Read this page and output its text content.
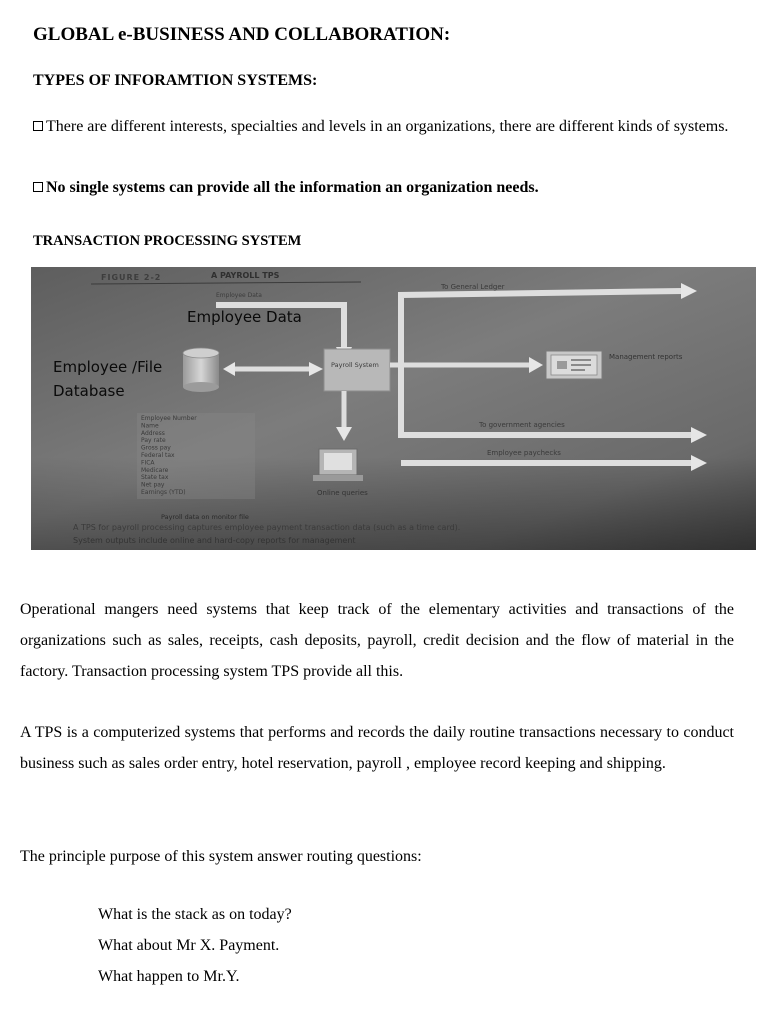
GLOBAL e-BUSINESS AND COLLABORATION:
TYPES OF INFORAMTION SYSTEMS:
There are different interests, specialties and levels in an organizations, there are different kinds of systems.
No single systems can provide all the information an organization needs.
TRANSACTION PROCESSING SYSTEM
FIGURE 2-2	A PAYROLL TPS
To General Ledger
Employee Data
Employee Data
Employee /File
Database
Payroll System
Management reports
To government agencies
Employee paychecks
Online queries
Employee Number
Name
Address
Pay rate
Gross pay
Federal tax
FICA
Medicare
State tax
Net pay
Earnings (YTD)
Payroll data on monitor file
A TPS for payroll processing captures employee payment transaction data (such as a time card).
System outputs include online and hard-copy reports for management
Operational mangers need systems that keep track of the elementary activities and transactions of the organizations such as sales, receipts, cash deposits, payroll, credit decision and the flow of material in the factory. Transaction processing system TPS provide all this.
A TPS is a computerized systems that performs and records the daily routine transactions necessary to conduct business such as sales order entry, hotel reservation, payroll , employee record keeping and shipping.
The principle purpose of this system answer routing questions:
What is the stack as on today?
What about Mr X. Payment.
What happen to Mr.Y.
